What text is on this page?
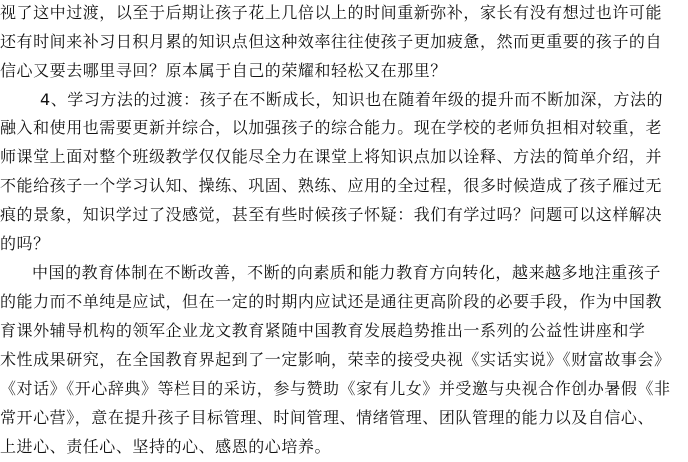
视了这中过渡，以至于后期让孩子花上几倍以上的时间重新弥补，家长有没有想过也许可能
还有时间来补习日积月累的知识点但这种效率往往使孩子更加疲惫，然而更重要的孩子的自
信心又要去哪里寻回？原本属于自己的荣耀和轻松又在那里？
4、学习方法的过渡：孩子在不断成长，知识也在随着年级的提升而不断加深，方法的
融入和使用也需要更新并综合，以加强孩子的综合能力。现在学校的老师负担相对较重，老
师课堂上面对整个班级教学仅仅能尽全力在课堂上将知识点加以诠释、方法的简单介绍，并
不能给孩子一个学习认知、操练、巩固、熟练、应用的全过程，很多时候造成了孩子雁过无
痕的景象，知识学过了没感觉，甚至有些时候孩子怀疑：我们有学过吗？问题可以这样解决
的吗？
中国的教育体制在不断改善，不断的向素质和能力教育方向转化，越来越多地注重孩子
的能力而不单纯是应试，但在一定的时期内应试还是通往更高阶段的必要手段，作为中国教
育课外辅导机构的领军企业龙文教育紧随中国教育发展趋势推出一系列的公益性讲座和学
术性成果研究，在全国教育界起到了一定影响，荣幸的接受央视《实话实说》《财富故事会》
《对话》《开心辞典》等栏目的采访，参与赞助《家有儿女》并受邀与央视合作创办暑假《非
常开心营》，意在提升孩子目标管理、时间管理、情绪管理、团队管理的能力以及自信心、
上进心、责任心、坚持的心、感恩的心培养。
